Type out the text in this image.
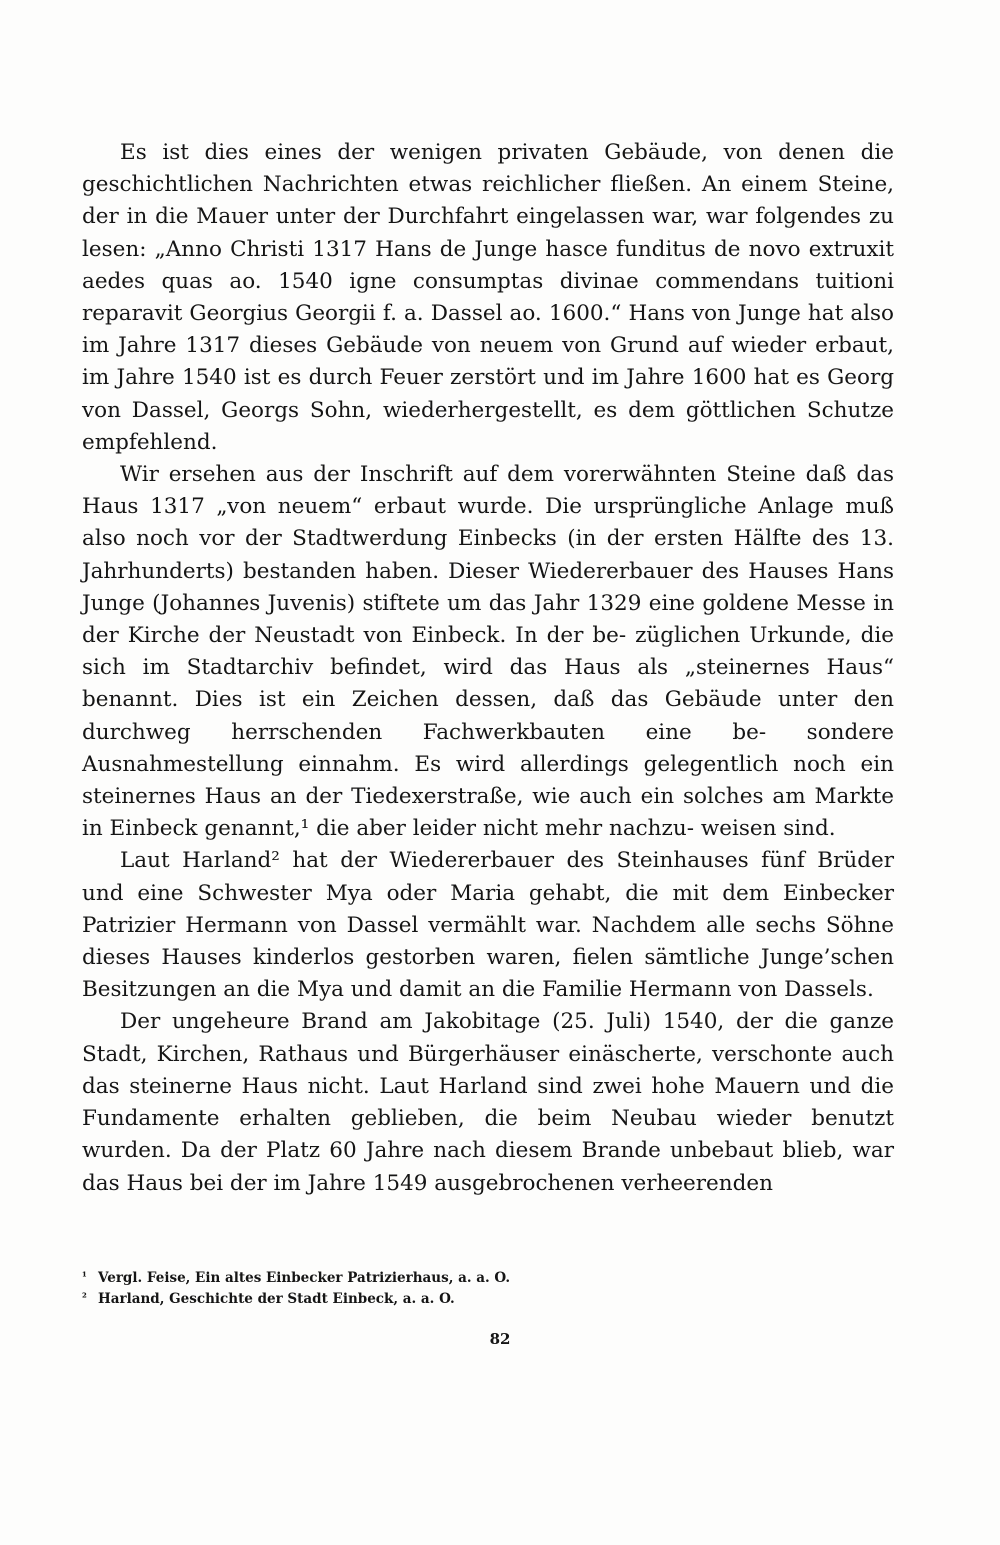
Es ist dies eines der wenigen privaten Gebäude, von denen die geschichtlichen Nachrichten etwas reichlicher fließen. An einem Steine, der in die Mauer unter der Durchfahrt eingelassen war, war folgendes zu lesen: „Anno Christi 1317 Hans de Junge hasce funditus de novo extruxit aedes quas ao. 1540 igne consumptas divinae commendans tuitioni reparavit Georgius Georgii f. a. Dassel ao. 1600.“ Hans von Junge hat also im Jahre 1317 dieses Gebäude von neuem von Grund auf wieder erbaut, im Jahre 1540 ist es durch Feuer zerstört und im Jahre 1600 hat es Georg von Dassel, Georgs Sohn, wiederhergestellt, es dem göttlichen Schutze empfehlend.

Wir ersehen aus der Inschrift auf dem vorerwähnten Steine daß das Haus 1317 „von neuem“ erbaut wurde. Die ursprüngliche Anlage muß also noch vor der Stadtwerdung Einbecks (in der ersten Hälfte des 13. Jahrhunderts) bestanden haben. Dieser Wiedererbauer des Hauses Hans Junge (Johannes Juvenis) stiftete um das Jahr 1329 eine goldene Messe in der Kirche der Neustadt von Einbeck. In der be- züglichen Urkunde, die sich im Stadtarchiv befindet, wird das Haus als „steinernes Haus“ benannt. Dies ist ein Zeichen dessen, daß das Gebäude unter den durchweg herrschenden Fachwerkbauten eine be- sondere Ausnahmestellung einnahm. Es wird allerdings gelegentlich noch ein steinernes Haus an der Tiedexerstraße, wie auch ein solches am Markte in Einbeck genannt,¹ die aber leider nicht mehr nachzu- weisen sind.

Laut Harland² hat der Wiedererbauer des Steinhauses fünf Brüder und eine Schwester Mya oder Maria gehabt, die mit dem Einbecker Patrizier Hermann von Dassel vermählt war. Nachdem alle sechs Söhne dieses Hauses kinderlos gestorben waren, fielen sämtliche Junge’schen Besitzungen an die Mya und damit an die Familie Hermann von Dassels.

Der ungeheure Brand am Jakobitage (25. Juli) 1540, der die ganze Stadt, Kirchen, Rathaus und Bürgerhäuser einäscherte, verschonte auch das steinerne Haus nicht. Laut Harland sind zwei hohe Mauern und die Fundamente erhalten geblieben, die beim Neubau wieder benutzt wurden. Da der Platz 60 Jahre nach diesem Brande unbebaut blieb, war das Haus bei der im Jahre 1549 ausgebrochenen verheerenden

¹ Vergl. Feise, Ein altes Einbecker Patrizierhaus, a. a. O.

² Harland, Geschichte der Stadt Einbeck, a. a. O.

82
